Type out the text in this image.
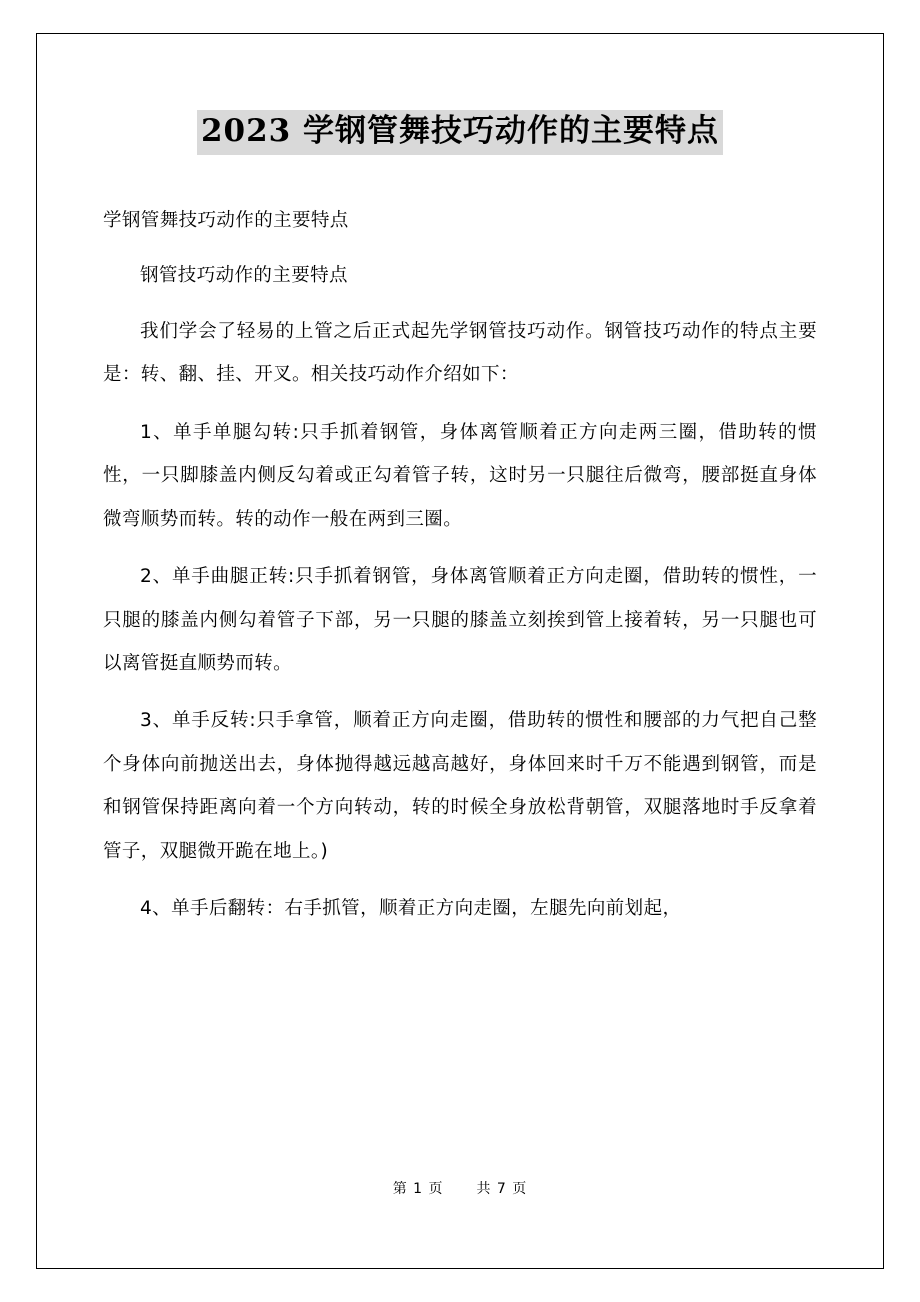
2023 学钢管舞技巧动作的主要特点

学钢管舞技巧动作的主要特点

钢管技巧动作的主要特点

我们学会了轻易的上管之后正式起先学钢管技巧动作。钢管技巧动作的特点主要是：转、翻、挂、开叉。相关技巧动作介绍如下：

1、单手单腿勾转:只手抓着钢管，身体离管顺着正方向走两三圈，借助转的惯性，一只脚膝盖内侧反勾着或正勾着管子转，这时另一只腿往后微弯，腰部挺直身体微弯顺势而转。转的动作一般在两到三圈。

2、单手曲腿正转:只手抓着钢管，身体离管顺着正方向走圈，借助转的惯性，一只腿的膝盖内侧勾着管子下部，另一只腿的膝盖立刻挨到管上接着转，另一只腿也可以离管挺直顺势而转。

3、单手反转:只手拿管，顺着正方向走圈，借助转的惯性和腰部的力气把自己整个身体向前抛送出去，身体抛得越远越高越好，身体回来时千万不能遇到钢管，而是和钢管保持距离向着一个方向转动，转的时候全身放松背朝管，双腿落地时手反拿着管子，双腿微开跪在地上。)

4、单手后翻转：右手抓管，顺着正方向走圈，左腿先向前划起，

第 1 页 共 7 页
